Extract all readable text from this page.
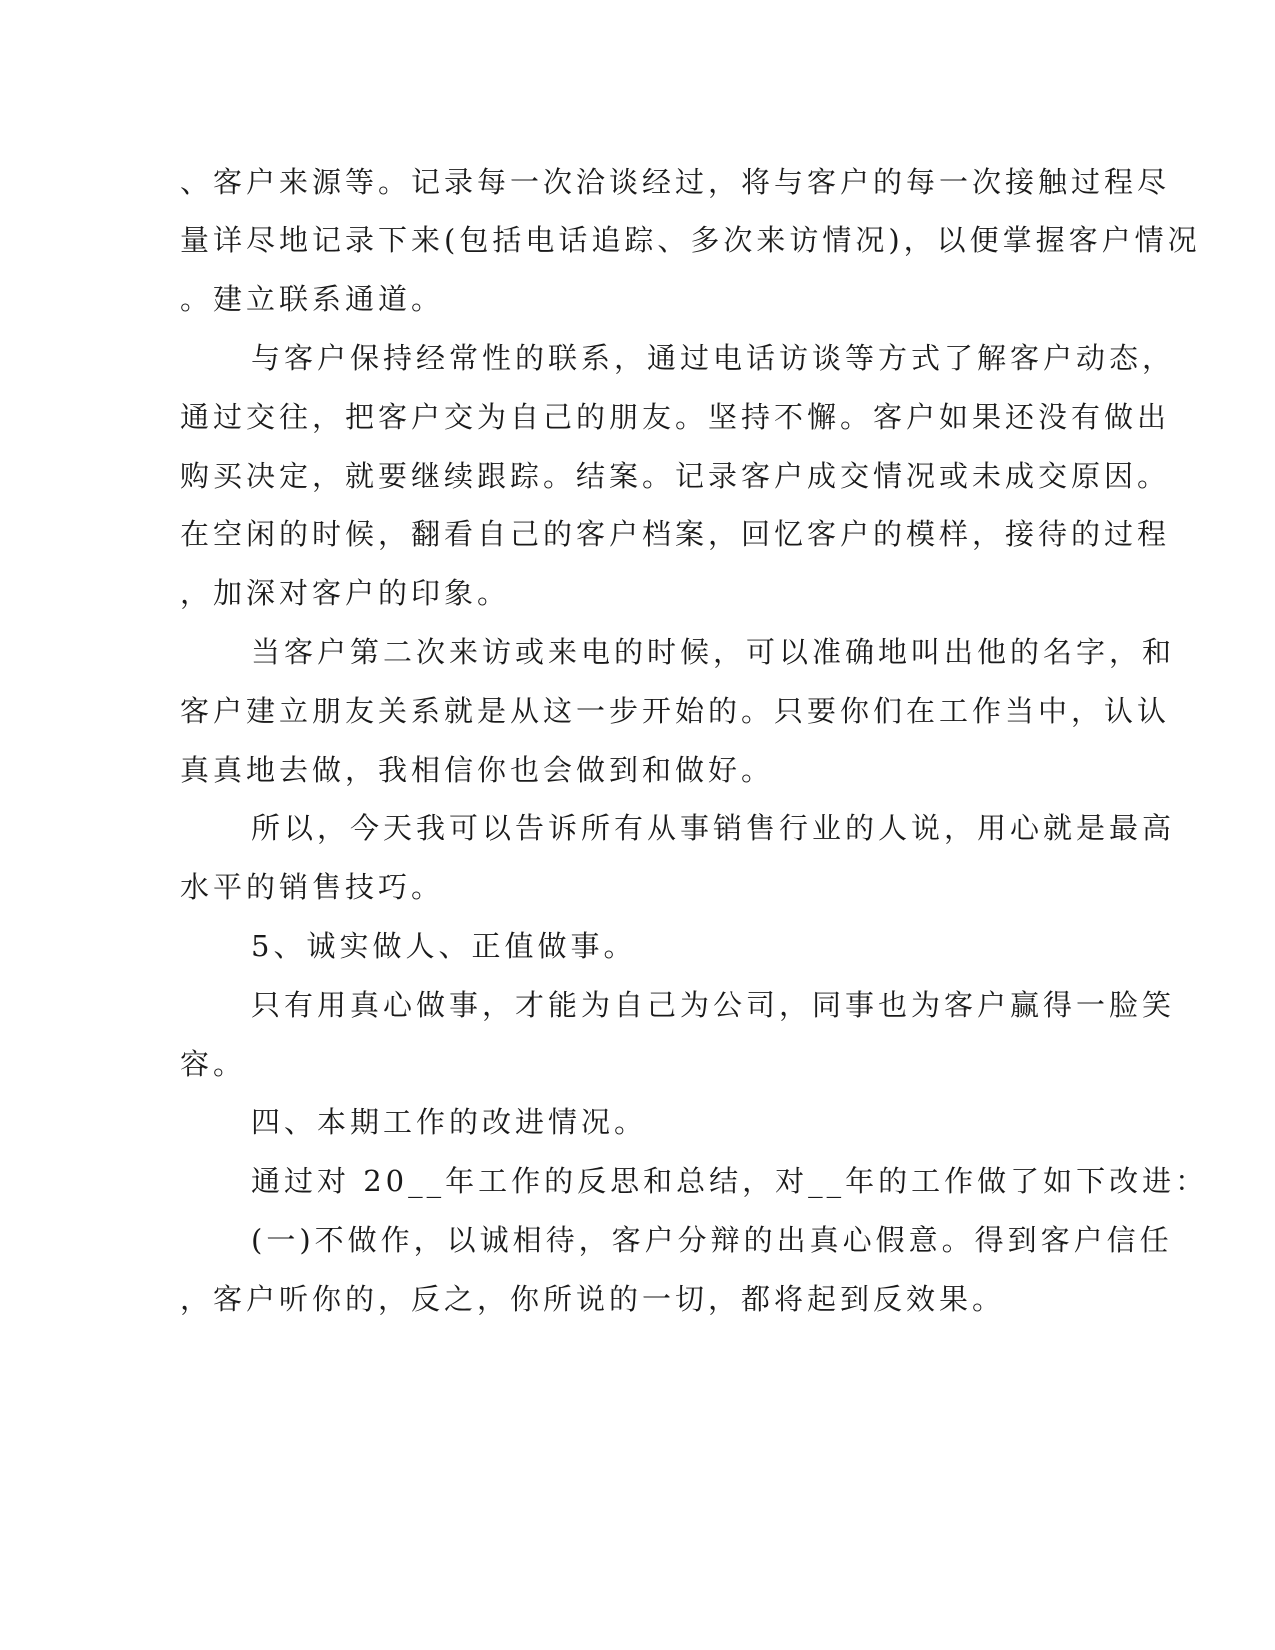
、客户来源等。记录每一次洽谈经过，将与客户的每一次接触过程尽
量详尽地记录下来(包括电话追踪、多次来访情况)，以便掌握客户情况
。建立联系通道。
与客户保持经常性的联系，通过电话访谈等方式了解客户动态，
通过交往，把客户交为自己的朋友。坚持不懈。客户如果还没有做出
购买决定，就要继续跟踪。结案。记录客户成交情况或未成交原因。
在空闲的时候，翻看自己的客户档案，回忆客户的模样，接待的过程
，加深对客户的印象。
当客户第二次来访或来电的时候，可以准确地叫出他的名字，和
客户建立朋友关系就是从这一步开始的。只要你们在工作当中，认认
真真地去做，我相信你也会做到和做好。
所以，今天我可以告诉所有从事销售行业的人说，用心就是最高
水平的销售技巧。
5、诚实做人、正值做事。
只有用真心做事，才能为自己为公司，同事也为客户赢得一脸笑
容。
四、本期工作的改进情况。
通过对 20__年工作的反思和总结，对__年的工作做了如下改进：
(一)不做作，以诚相待，客户分辩的出真心假意。得到客户信任
，客户听你的，反之，你所说的一切，都将起到反效果。
